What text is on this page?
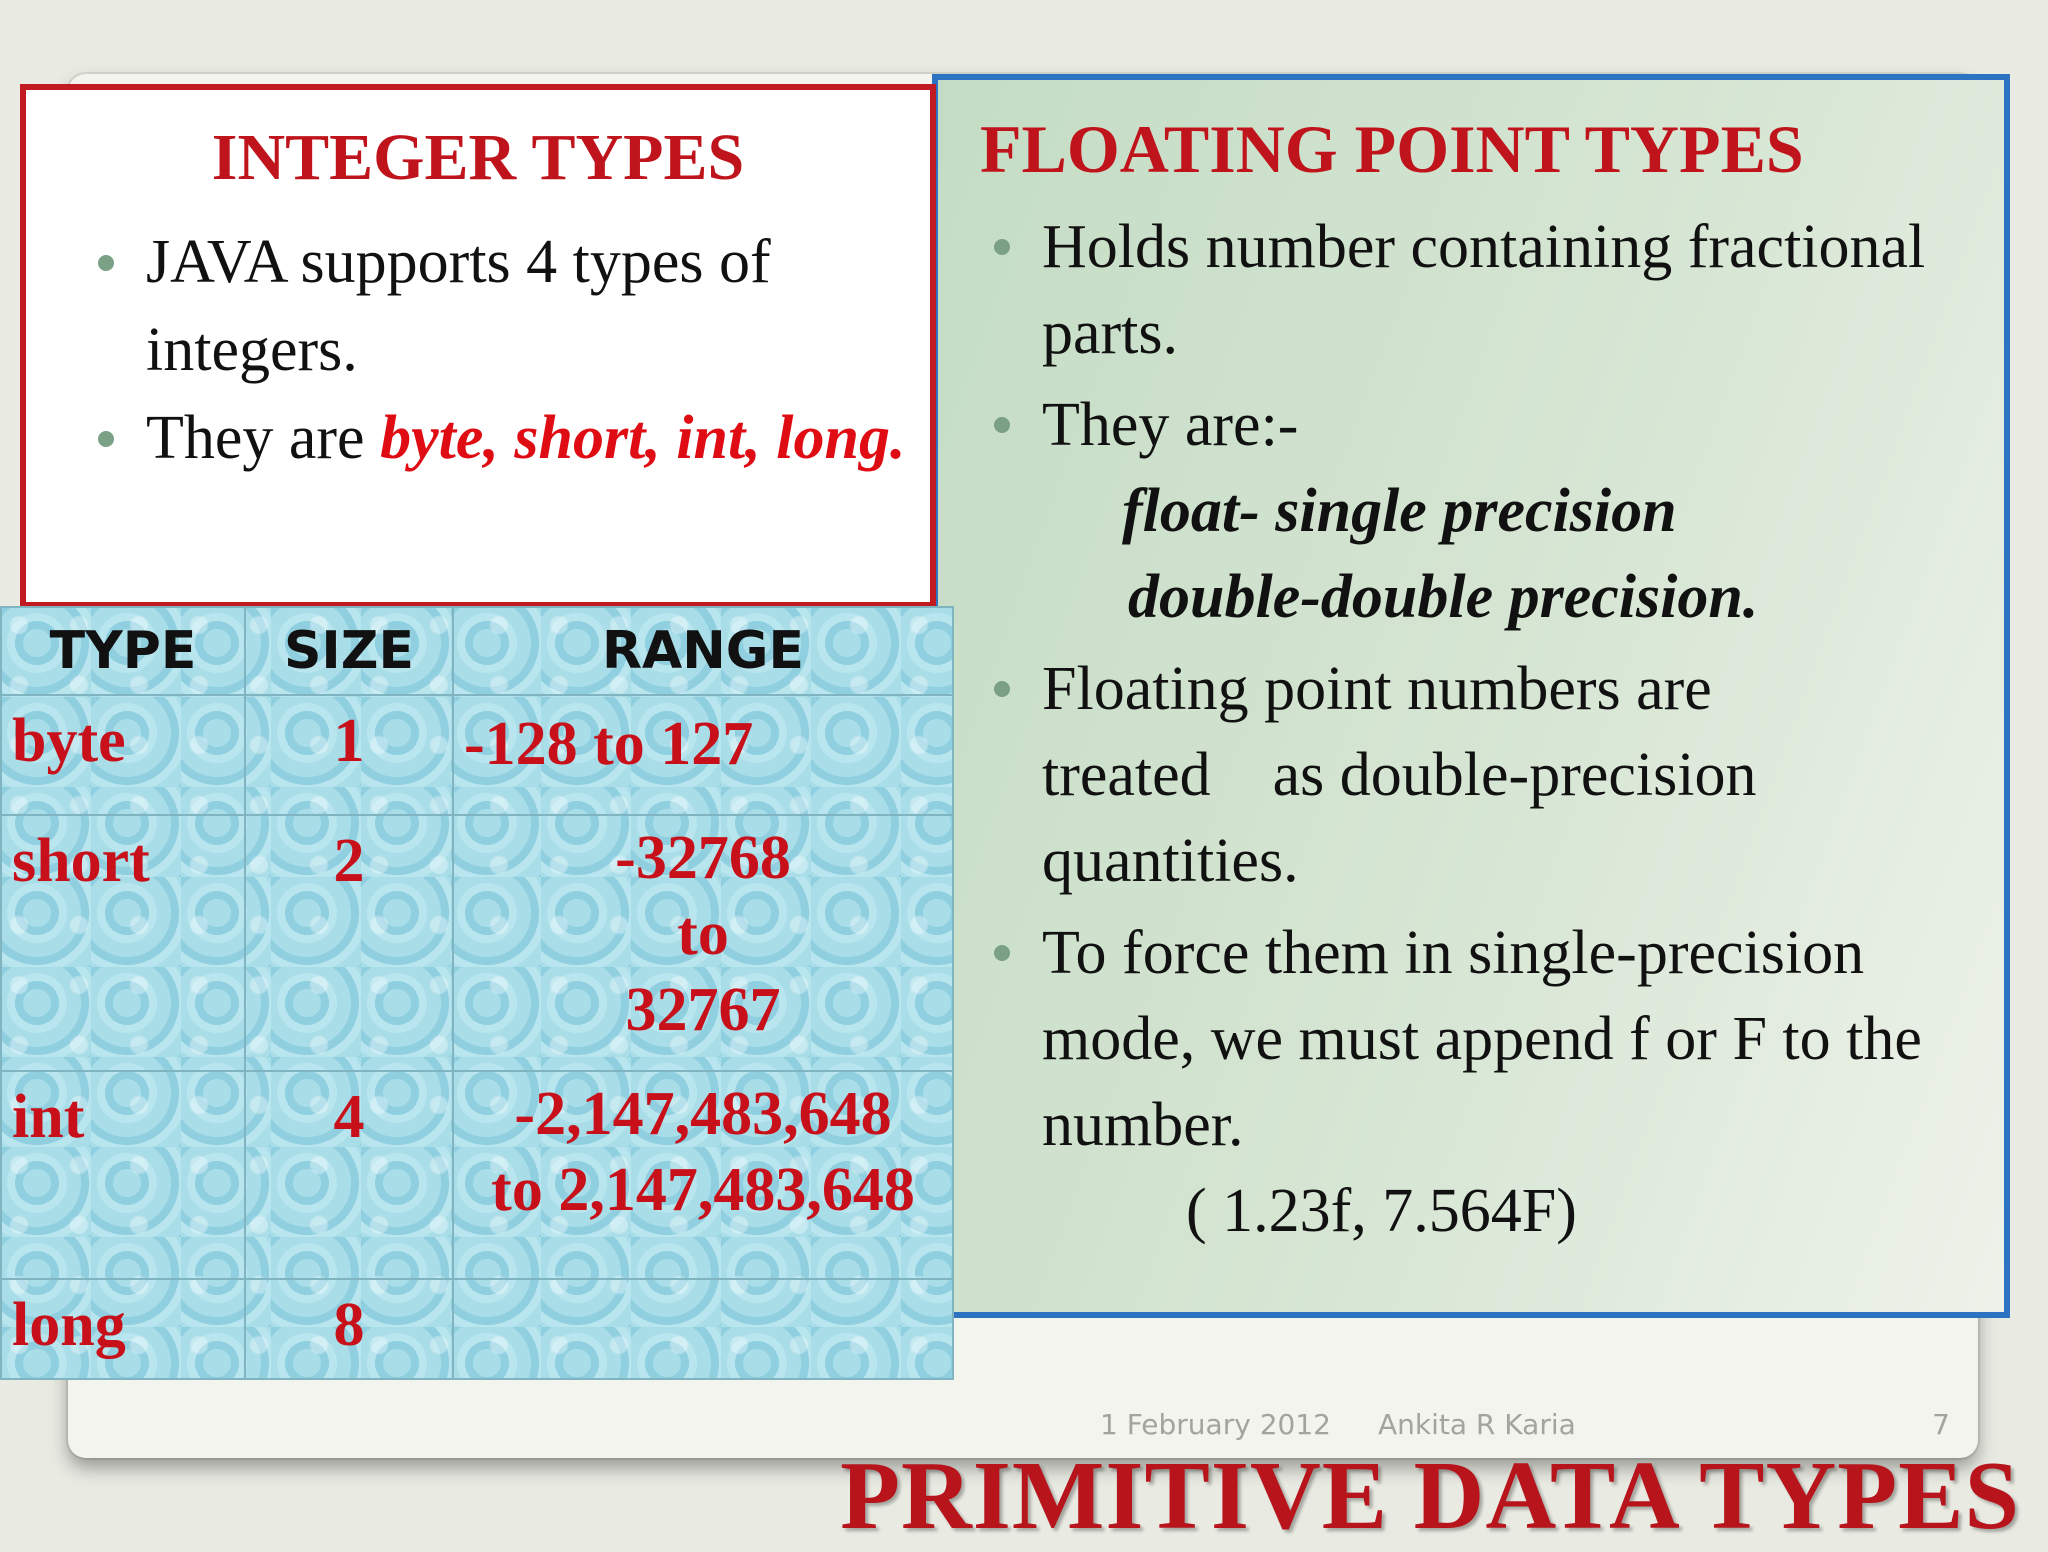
1 February 2012 Ankita R Karia	7
PRIMITIVE DATA TYPES
FLOATING POINT TYPES
Holds number containing fractional parts.
They are:-
float- single precision
double-double precision.
Floating point numbers are
treated    as double-precision
quantities.
To force them in single-precision mode, we must append f or F to the number.
( 1.23f, 7.564F)
INTEGER TYPES
JAVA supports 4 types of integers.
They are byte, short, int, long.
TYPE	SIZE	RANGE
byte	1	-128 to 127
short	2	-32768
to
32767

int	4	-2,147,483,648
to 2,147,483,648

long	8	
